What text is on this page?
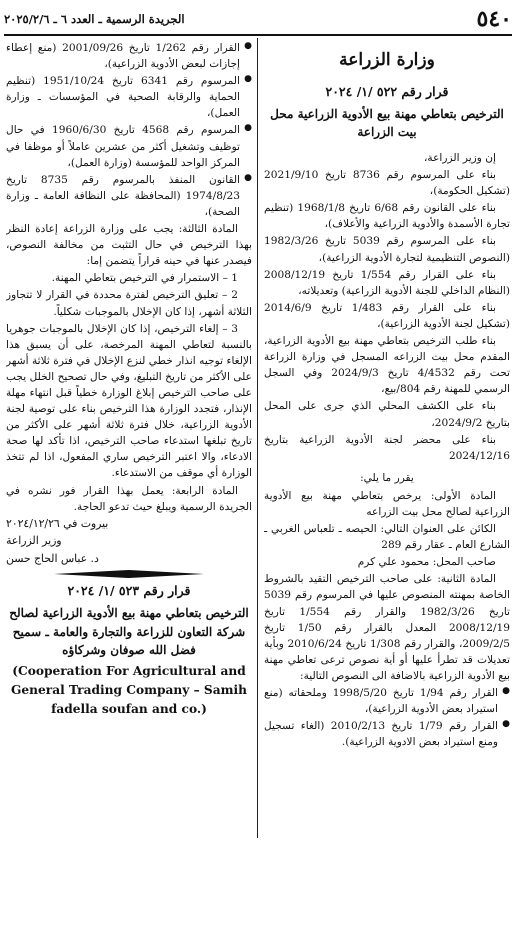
٥٤٠
الجريدة الرسمية ـ العدد ٦ ـ ٢٠٢٥/٢/٦
وزارة الزراعة
قرار رقم ٥٢٢ /١/ ٢٠٢٤
الترخيص بتعاطي مهنة بيع الأدوية الزراعية محل بيت الزراعة

إن وزير الزراعة،

بناء على المرسوم رقم 8736 تاريخ 2021/9/10 (تشكيل الحكومة)،

بناء على القانون رقم 6/68 تاريخ 1968/1/8 (تنظيم تجارة الأسمدة والأدوية الزراعية والأعلاف)،

بناء على المرسوم رقم 5039 تاريخ 1982/3/26 (النصوص التنظيمية لتجارة الأدوية الزراعية)،

بناء على القرار رقم 1/554 تاريخ 2008/12/19 (النظام الداخلي للجنة الأدوية الزراعية) وتعديلاته،

بناء على القرار رقم 1/483 تاريخ 2014/6/9 (تشكيل لجنة الأدوية الزراعية)،

بناء طلب الترخيص بتعاطي مهنة بيع الأدوية الزراعية، المقدم محل بيت الزراعه المسجل في وزارة الزراعة تحت رقم 4/4532 تاريخ 2024/9/3 وفي السجل الرسمي للمهنة رقم 804/بيع،

بناء على الكشف المحلي الذي جرى على المحل بتاريخ 2024/9/2،

بناء على محضر لجنة الأدوية الزراعية بتاريخ 2024/12/16

يقرر ما يلي:

المادة الأولى: يرخص بتعاطي مهنة بيع الأدوية الزراعية لصالح محل بيت الزراعه

الكائن على العنوان التالي: الحيصه ـ تلعباس الغربي ـ الشارع العام ـ عقار رقم 289

صاحب المحل: محمود علي كرم

المادة الثانية: على صاحب الترخيص التقيد بالشروط الخاصة بمهنته المنصوص عليها في المرسوم رقم 5039 تاريخ 1982/3/26 والقرار رقم 1/554 تاريخ 2008/12/19 المعدل بالقرار رقم 1/50 تاريخ 2009/2/5، والقرار رقم 1/308 تاريخ 2010/6/24 وبأية تعديلات قد تطرأ عليها أو أية نصوص ترعى تعاطي مهنة بيع الأدوية الزراعية بالاضافة الى النصوص التالية:

● القرار رقم 1/94 تاريخ 1998/5/20 وملحقاته (منع استيراد بعض الأدوية الزراعية)،

● القرار رقم 1/79 تاريخ 2010/2/13 (الغاء تسجيل ومنع استيراد بعض الادوية الزراعية).

● القرار رقم 1/262 تاريخ 2001/09/26 (منع إعطاء إجازات لبعض الأدوية الزراعية)،

● المرسوم رقم 6341 تاريخ 1951/10/24 (تنظيم الحماية والرقابة الصحية في المؤسسات ـ وزارة العمل)،

● المرسوم رقم 4568 تاريخ 1960/6/30 في حال توظيف وتشغيل أكثر من عشرين عاملاً أو موظفا في المركز الواحد للمؤسسة (وزارة العمل)،

● القانون المنفذ بالمرسوم رقم 8735 تاريخ 1974/8/23 (المحافظة على النظافة العامة ـ وزارة الصحة)،

المادة الثالثة: يجب على وزارة الزراعة إعادة النظر بهذا الترخيص في حال التثبت من مخالفة النصوص، فيصدر عنها في حينه قراراً يتضمن إما:

1 – الاستمرار في الترخيص بتعاطي المهنة.

2 – تعليق الترخيص لفترة محددة في القرار لا تتجاوز الثلاثة أشهر، إذا كان الإخلال بالموجبات شكلياً.

3 – إلغاء الترخيص، إذا كان الإخلال بالموجبات جوهريا بالنسبة لتعاطي المهنة المرخصة، على أن يسبق هذا الإلغاء توجيه انذار خطي لنزع الإخلال في فترة ثلاثة أشهر على الأكثر من تاريخ التبليغ، وفي حال تصحيح الخلل يجب على صاحب الترخيص إبلاغ الوزارة خطياً قبل انتهاء مهلة الإنذار، فتجدد الوزارة هذا الترخيص بناء على توصية لجنة الأدوية الزراعية، خلال فترة ثلاثة أشهر على الأكثر من تاريخ تبلغها استدعاء صاحب الترخيص، اذا تأكد لها صحة الادعاء، والا اعتبر الترخيص ساري المفعول، اذا لم تتخذ الوزارة أي موقف من الاستدعاء.

المادة الرابعة: يعمل بهذا القرار فور نشره في الجريدة الرسمية ويبلغ حيث تدعو الحاجة.

بيروت في ٢٠٢٤/١٢/٢٦

وزير الزراعة

د. عباس الحاج حسن

قرار رقم ٥٢٣ /١/ ٢٠٢٤
الترخيص بتعاطي مهنة بيع الأدوية الزراعية لصالح شركة التعاون للزراعة والتجارة والعامة ـ سميح فضل الله صوفان وشركاؤه
(Cooperation For Agricultural and General Trading Company – Samih fadella soufan and co.)
